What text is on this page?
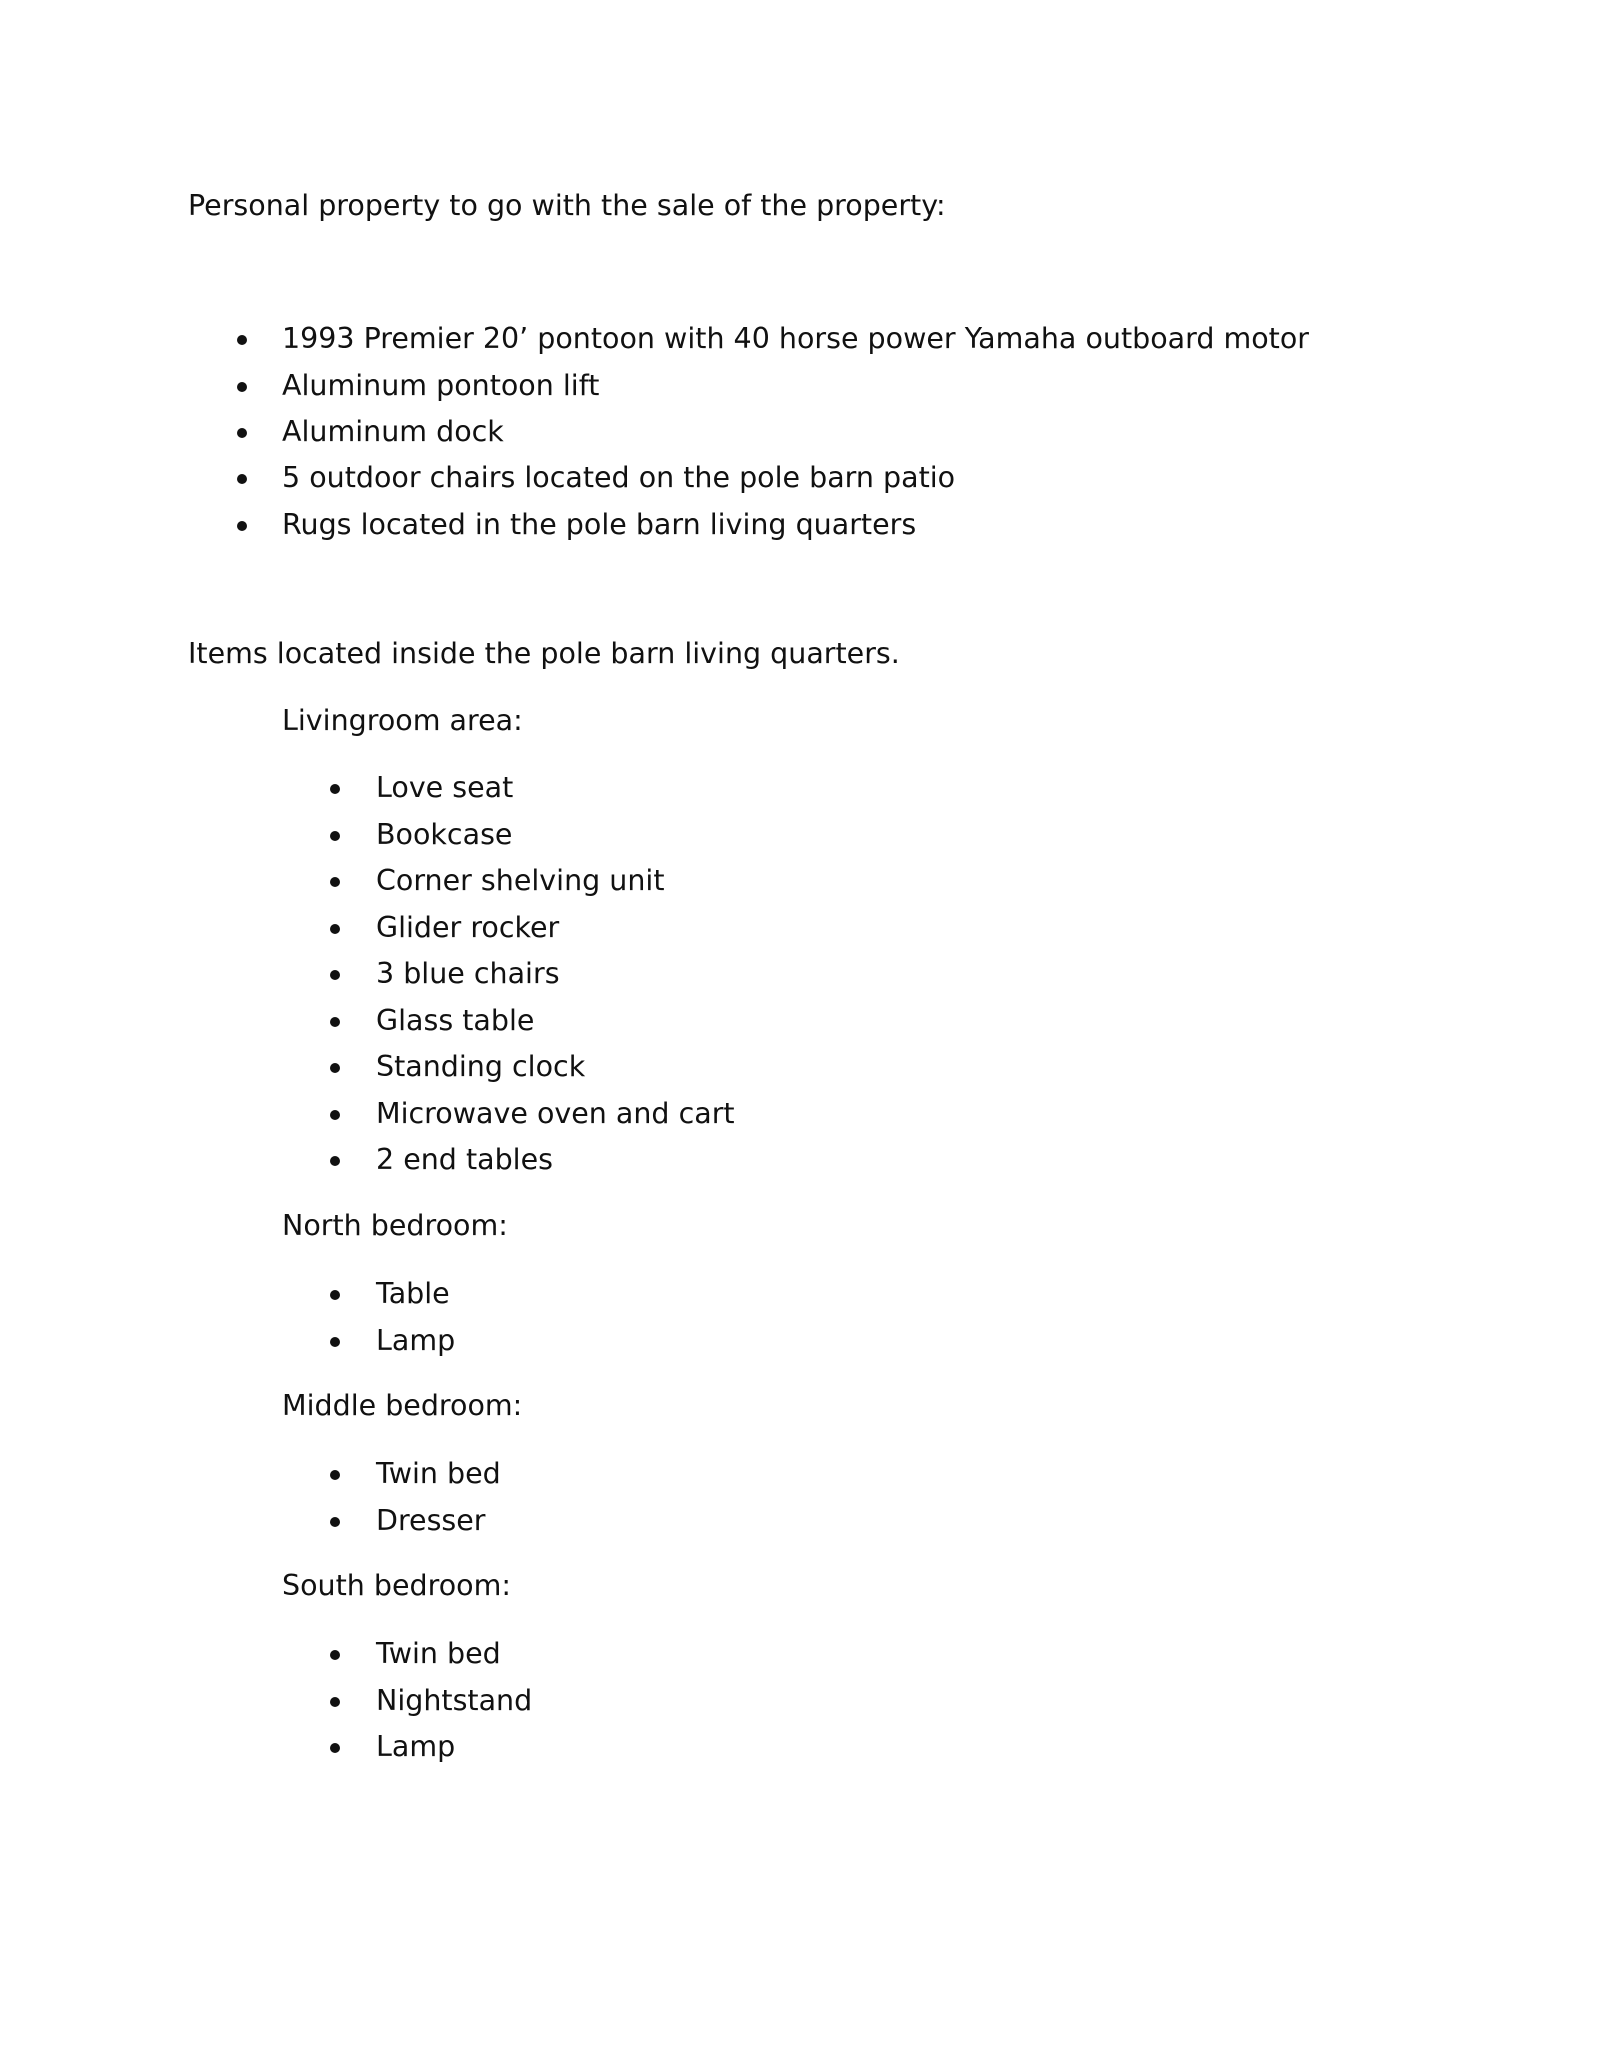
Personal property to go with the sale of the property:
1993 Premier 20’ pontoon with 40 horse power Yamaha outboard motor
Aluminum pontoon lift
Aluminum dock
5 outdoor chairs located on the pole barn patio
Rugs located in the pole barn living quarters
Items located inside the pole barn living quarters.
Livingroom area:
Love seat
Bookcase
Corner shelving unit
Glider rocker
3 blue chairs
Glass table
Standing clock
Microwave oven and cart
2 end tables
North bedroom:
Table
Lamp
Middle bedroom:
Twin bed
Dresser
South bedroom:
Twin bed
Nightstand
Lamp
